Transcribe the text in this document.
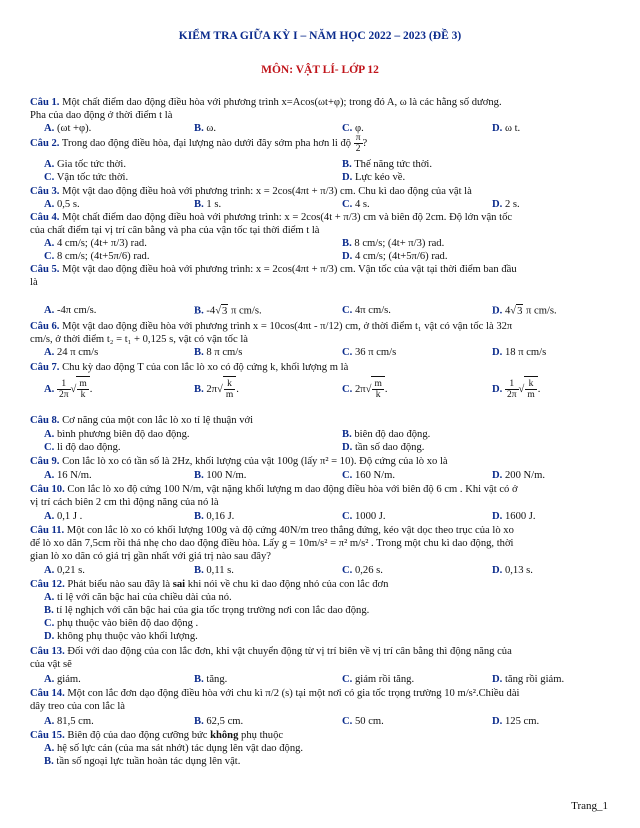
KIỂM TRA GIỮA KỲ I – NĂM HỌC 2022 – 2023 (ĐỀ 3)
MÔN: VẬT LÍ- LỚP 12
Câu 1. Một chất điểm dao động điều hòa với phương trình x=Acos(ωt+φ); trong đó A, ω là các hằng số dương.
Pha của dao động ở thời điểm t là
A. (ωt +φ).	B. ω.	C. φ.	D. ω t.
Câu 2. Trong dao động điều hòa, đại lượng nào dưới đây sớm pha hơn li độ $\frac{\pi}{2}$ ?
A. Gia tốc tức thời.	B. Thế năng tức thời.
C. Vận tốc tức thời.	D. Lực kéo về.
Câu 3. Một vật dao động điều hoà với phương trình: x = 2cos(4πt + π/3) cm. Chu kì dao động của vật là
A. 0,5 s.	B. 1 s.	C. 4 s.	D. 2 s.
Câu 4. Một chất điểm dao động điều hoà với phương trình: x = 2cos(4t + π/3) cm và biên độ 2cm. Độ lớn vận tốc
của chất điểm tại vị trí cân bằng và pha của vận tốc tại thời điểm t là
A. 4 cm/s; (4t+ π/3) rad.	B. 8 cm/s; (4t+ π/3) rad.
C. 8 cm/s; (4t+5π/6) rad.	D. 4 cm/s; (4t+5π/6) rad.
Câu 5. Một vật dao động điều hoà với phương trình: x = 2cos(4πt + π/3) cm. Vận tốc của vật tại thời điểm ban đầu
là
A. -4π cm/s.	B. -4√3 π cm/s.	C. 4π cm/s.	D. 4√3 π cm/s.
Câu 6. Một vật dao động điều hòa với phương trình x = 10cos(4πt - π/12) cm, ở thời điểm t₁ vật có vận tốc là 32π
cm/s, ở thời điểm t₂ = t₁ + 0,125 s, vật có vận tốc là
A. 24 π cm/s	B. 8 π cm/s	C. 36 π cm/s	D. 18 π cm/s
Câu 7. Chu kỳ dao động T của con lắc lò xo có độ cứng k, khối lượng m là
A. $\frac{1}{2\pi}$ √ $\frac{m}{k}$ .	B. $2\pi√ \frac{k}{m}$ .	C. $2\pi√ \frac{m}{k}$ .	D. $\frac{1}{2\pi}$ √ $\frac{k}{m}$ .
Câu 8. Cơ năng của một con lắc lò xo tỉ lệ thuận với
A. bình phương biên độ dao động.	B. biên độ dao động.
C. li độ dao động.	D. tần số dao động.
Câu 9. Con lắc lò xo có tần số là 2Hz, khối lượng của vật 100g (lấy π² = 10). Độ cứng của lò xo là
A. 16 N/m.	B. 100 N/m.	C. 160 N/m.	D. 200 N/m.
Câu 10. Con lắc lò xo độ cứng 100 N/m, vật nặng khối lượng m dao động điều hòa với biên độ 6 cm . Khi vật có ở
vị trí cách biên 2 cm thì động năng của nó là
A. 0,1 J .	B. 0,16 J.	C. 1000 J.	D. 1600 J.
Câu 11. Một con lắc lò xo có khối lượng 100g và độ cứng 40N/m treo thẳng đứng, kéo vật dọc theo trục của lò xo
để lò xo dãn 7,5cm rồi thả nhẹ cho dao động điều hòa. Lấy g = 10m/s² = π² m/s² . Trong một chu kì dao động, thời
gian lò xo dãn có giá trị gần nhất với giá trị nào sau đây?
A. 0,21 s.	B. 0,11 s.	C. 0,26 s.	D. 0,13 s.
Câu 12. Phát biểu nào sau đây là sai khi nói về chu kì dao động nhỏ của con lắc đơn
A. tỉ lệ với căn bậc hai của chiều dài của nó.
B. tỉ lệ nghịch với căn bậc hai của gia tốc trọng trường nơi con lắc dao động.
C. phụ thuộc vào biên độ dao động .
D. không phụ thuộc vào khối lượng.
Câu 13. Đối với dao động của con lắc đơn, khi vật chuyển động từ vị trí biên về vị trí cân bằng thì động năng của
của vật sẽ
A. giảm.	B. tăng.	C. giảm rồi tăng.	D. tăng rồi giảm.
Câu 14. Một con lắc đơn dạo động điều hòa với chu kì π/2 (s) tại một nơi có gia tốc trọng trường 10 m/s².Chiều dài
dây treo của con lắc là
A. 81,5 cm.	B. 62,5 cm.	C. 50 cm.	D. 125 cm.
Câu 15. Biên độ của dao động cưỡng bức không phụ thuộc
A. hệ số lực cản (của ma sát nhớt) tác dụng lên vật dao động.
B. tần số ngoại lực tuần hoàn tác dụng lên vật.
Trang_1
